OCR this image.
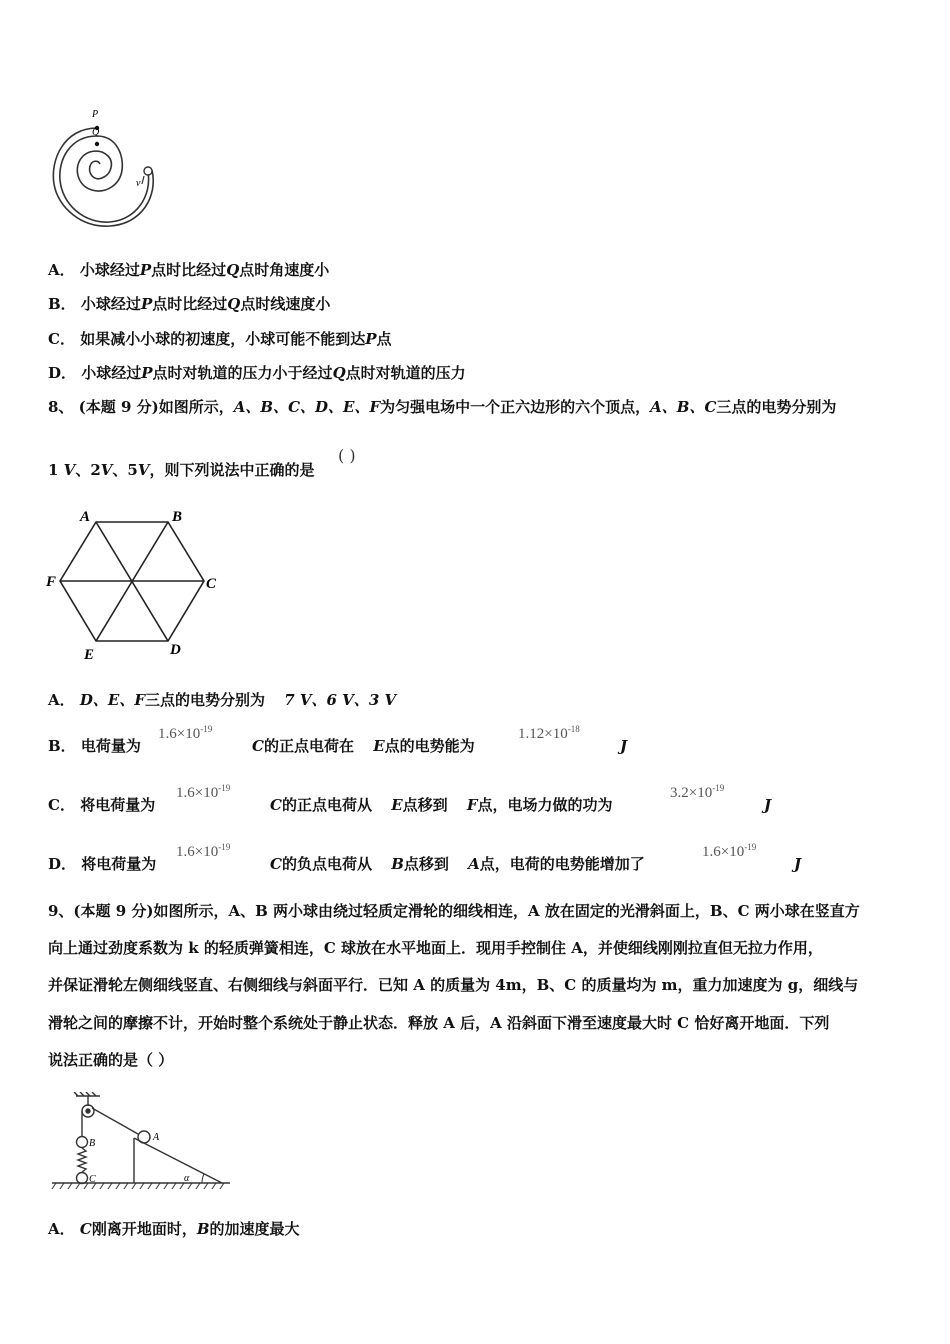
P
Q
v
A． 小球经过P点时比经过Q点时角速度小
B． 小球经过P点时比经过Q点时线速度小
C． 如果减小小球的初速度，小球可能不能到达P点
D． 小球经过P点时对轨道的压力小于经过Q点时对轨道的压力
8、 (本题 9 分)如图所示，A、B、C、D、E、F为匀强电场中一个正六边形的六个顶点，A、B、C三点的电势分别为
1 V、2V、5V，则下列说法中正确的是
( )
A	B
C
D
E
F
A． D、E、F三点的电势分别为 7 V、6 V、3 V
B． 电荷量为
$1.6\times 10^{-19}$
C的正点电荷在 E点的电势能为
$1.12\times 10^{-18}$
J
C． 将电荷量为
$1.6\times 10^{-19}$
C的正点电荷从 E点移到 F点，电场力做的功为
$3.2\times 10^{-19}$
J
D． 将电荷量为
$1.6\times 10^{-19}$
C的负点电荷从 B点移到 A点，电荷的电势能增加了
$1.6\times 10^{-19}$
J
9、(本题 9 分)如图所示，A、B 两小球由绕过轻质定滑轮的细线相连，A 放在固定的光滑斜面上，B、C 两小球在竖直方
向上通过劲度系数为 k 的轻质弹簧相连，C 球放在水平地面上．现用手控制住 A，并使细线刚刚拉直但无拉力作用，
并保证滑轮左侧细线竖直、右侧细线与斜面平行．已知 A 的质量为 4m，B、C 的质量均为 m，重力加速度为 g，细线与
滑轮之间的摩擦不计，开始时整个系统处于静止状态．释放 A 后，A 沿斜面下滑至速度最大时 C 恰好离开地面．下列
说法正确的是（ ）
B
C
A
α
A． C刚离开地面时，B的加速度最大
